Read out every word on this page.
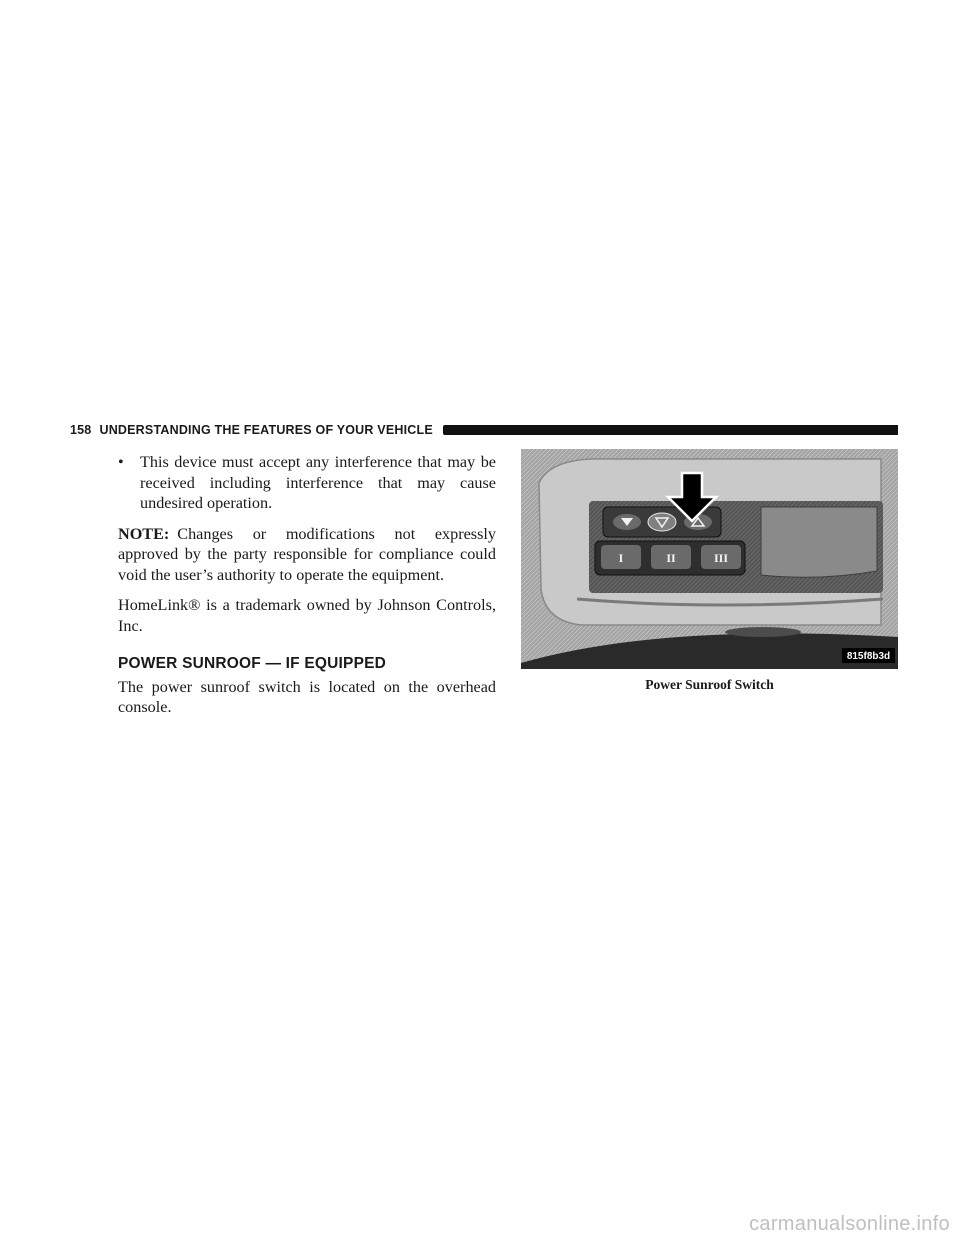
158 UNDERSTANDING THE FEATURES OF YOUR VEHICLE
• This device must accept any interference that may be received including interference that may cause undesired operation.

NOTE: Changes or modifications not expressly approved by the party responsible for compliance could void the user’s authority to operate the equipment.

HomeLink® is a trademark owned by Johnson Controls, Inc.

POWER SUNROOF — IF EQUIPPED

The power sunroof switch is located on the overhead console.

I	II	III
815f8b3d
Power Sunroof Switch
carmanualsonline.info
